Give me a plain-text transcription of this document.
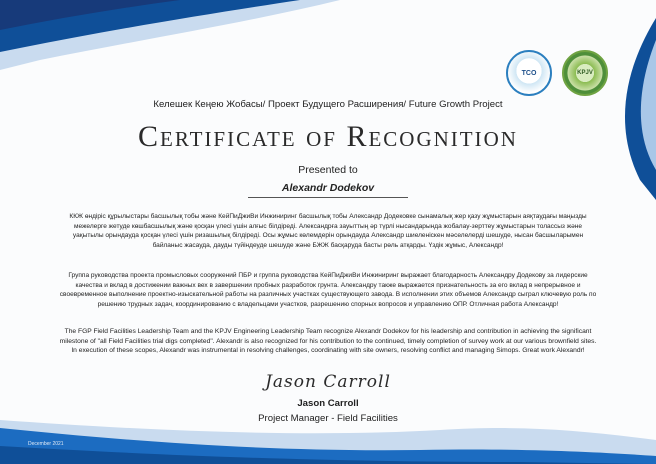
TCO	KPJV
Келешек Кеңею Жобасы/ Проект Будущего Расширения/ Future Growth Project
Certificate of Recognition
Presented to
Alexandr Dodekov
ККЖ өндірі​с құрылыстары басшылық тобы және КейПиДжиВи Инжиниринг басшылық тобы Александр Додековке сынамалық жер қазу жұмыстарын аяқтаудағы маңызды межелерге жетуде көшбасшылық және қосқан үлесі үшін алғыс білдіреді. Александрға зауыттың әр түрлі нысандарында жобалау-зерттеу жұмыстарын толассыз және уақытылы орындауда қосқан үлесі үшін ризашылық білдіреді. Осы жұмыс көлемдерін орындауда Александр шиеленіскен мәселелерді шешуде, нысан басшыларымен байланыс жасауда, дауды түйіндеуде шешуде және БЖЖ басқаруда басты рөль атқарды. Үздік жұмыс, Александр!
Группа руководства проекта промысловых сооружений ПБР и группа руководства КейПиДжиВи Инжиниринг выражает благодарность Александру Додекову за лидерские качества и вклад в достижении важных вех в завершении пробных разработок грунта. Александру также выражается признательность за его вклад в непрерывное и своевременное выполнение проектно-изыскательной работы на различных участках существующего завода. В исполнении этих объемов Александр сыграл ключевую роль по решению трудных задач, координированию с владельцами участков, разрешению спорных вопросов и управлению ОПР. Отличная работа Александр!
The FGP Field Facilities Leadership Team and the KPJV Engineering Leadership Team recognize Alexandr Dodekov for his leadership and contribution in achieving the significant milestone of "all Field Facilities trial digs completed". Alexandr is also recognized for his contribution to the continued, timely completion of survey work at our various brownfield sites. In execution of these scopes, Alexandr was instrumental in resolving challenges, coordinating with site owners, resolving conflict and managing Simops. Great work Alexandr!
Jason Carroll
Jason Carroll
Project Manager - Field Facilities
December 2021
